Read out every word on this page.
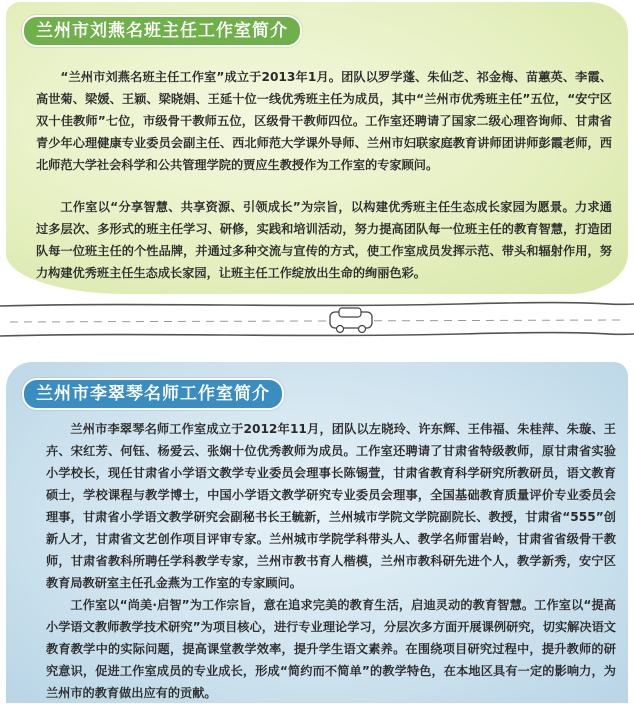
兰州市刘燕名班主任工作室简介

“兰州市刘燕名班主任工作室”成立于2013年1月。团队以罗学蓬、朱仙芝、祁金梅、苗蕙英、李霞、高世菊、梁媛、王颖、梁晓娟、王延十位一线优秀班主任为成员，其中“兰州市优秀班主任”五位，“安宁区双十佳教师”七位，市级骨干教师五位，区级骨干教师四位。工作室还聘请了国家二级心理咨询师、甘肃省青少年心理健康专业委员会副主任、西北师范大学课外导师、兰州市妇联家庭教育讲师团讲师彭霞老师，西北师范大学社会科学和公共管理学院的贾应生教授作为工作室的专家顾问。

工作室以“分享智慧、共享资源、引领成长”为宗旨，以构建优秀班主任生态成长家园为愿景。力求通过多层次、多形式的班主任学习、研修，实践和培训活动，努力提高团队每一位班主任的教育智慧，打造团队每一位班主任的个性品牌，并通过多种交流与宣传的方式，使工作室成员发挥示范、带头和辐射作用，努力构建优秀班主任生态成长家园，让班主任工作绽放出生命的绚丽色彩。

兰州市李翠琴名师工作室简介

兰州市李翠琴名师工作室成立于2012年11月，团队以左晓玲、许东辉、王伟福、朱桂萍、朱璇、王卉、宋红芳、何钰、杨爱云、张娴十位优秀教师为成员。工作室还聘请了甘肃省特级教师，原甘肃省实验小学校长，现任甘肃省小学语文教学专业委员会理事长陈锡萱，甘肃省教育科学研究所教研员，语文教育硕士，学校课程与教学博士，中国小学语文教学研究专业委员会理事，全国基础教育质量评价专业委员会理事，甘肃省小学语文教学研究会副秘书长王毓新，兰州城市学院文学院副院长、教授，甘肃省“555”创新人才，甘肃省文艺创作项目评审专家。兰州城市学院学科带头人、教学名师雷岩岭，甘肃省省级骨干教师，甘肃省教科所聘任学科教学专家，兰州市教书育人楷模，兰州市教科研先进个人，教学新秀，安宁区教育局教研室主任孔金燕为工作室的专家顾问。

工作室以“尚美·启智”为工作宗旨，意在追求完美的教育生活，启迪灵动的教育智慧。工作室以“提高小学语文教师教学技术研究”为项目核心，进行专业理论学习，分层次多方面开展课例研究，切实解决语文教育教学中的实际问题，提高课堂教学效率，提升学生语文素养。在围绕项目研究过程中，提升教师的研究意识，促进工作室成员的专业成长，形成“简约而不简单”的教学特色，在本地区具有一定的影响力，为兰州市的教育做出应有的贡献。
